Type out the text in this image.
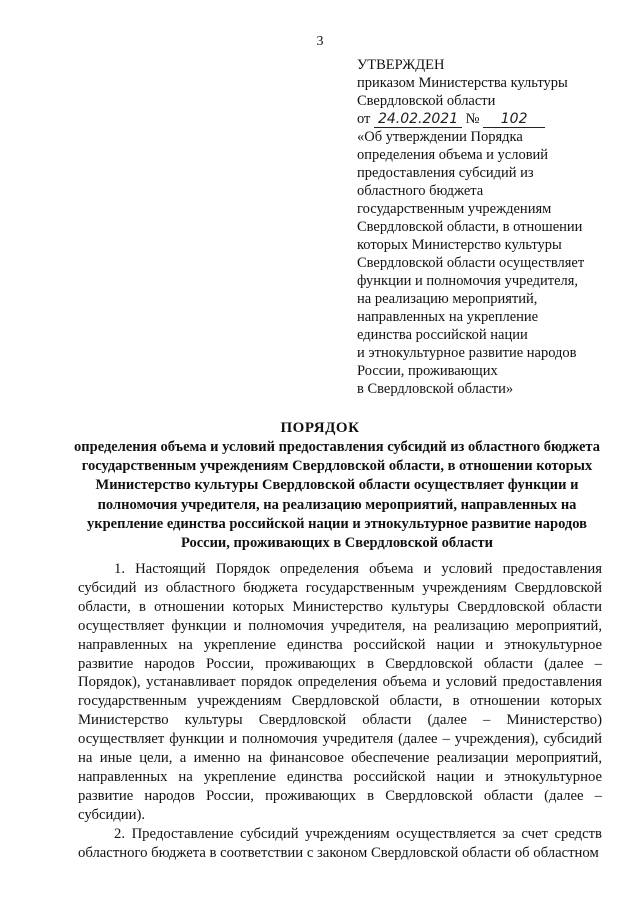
3
УТВЕРЖДЕН
приказом Министерства культуры
Свердловской области
от 24.02.2021 № 102
«Об утверждении Порядка
определения объема и условий
предоставления субсидий из
областного бюджета
государственным учреждениям
Свердловской области, в отношении
которых Министерство культуры
Свердловской области осуществляет
функции и полномочия учредителя,
на реализацию мероприятий,
направленных на укрепление
единства российской нации
и этнокультурное развитие народов
России, проживающих
в Свердловской области»
ПОРЯДОК
определения объема и условий предоставления субсидий из областного бюджета государственным учреждениям Свердловской области, в отношении которых Министерство культуры Свердловской области осуществляет функции и полномочия учредителя, на реализацию мероприятий, направленных на укрепление единства российской нации и этнокультурное развитие народов России, проживающих в Свердловской области

1. Настоящий Порядок определения объема и условий предоставления субсидий из областного бюджета государственным учреждениям Свердловской области, в отношении которых Министерство культуры Свердловской области осуществляет функции и полномочия учредителя, на реализацию мероприятий, направленных на укрепление единства российской нации и этнокультурное развитие народов России, проживающих в Свердловской области (далее – Порядок), устанавливает порядок определения объема и условий предоставления государственным учреждениям Свердловской области, в отношении которых Министерство культуры Свердловской области (далее – Министерство) осуществляет функции и полномочия учредителя (далее – учреждения), субсидий на иные цели, а именно на финансовое обеспечение реализации мероприятий, направленных на укрепление единства российской нации и этнокультурное развитие народов России, проживающих в Свердловской области (далее – субсидии).

2. Предоставление субсидий учреждениям осуществляется за счет средств областного бюджета в соответствии с законом Свердловской области об областном
